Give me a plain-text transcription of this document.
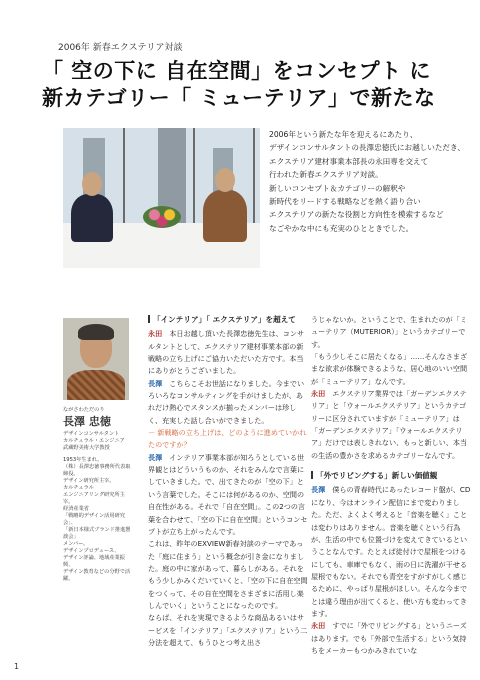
2006年 新春エクステリア対談
「 空の下に 自在空間」をコンセプト に
新カテゴリー「 ミューテリア」で新たな
2006年という新たな年を迎えるにあたり、
デザインコンサルタントの長澤忠徳氏にお越しいただき、
エクステリア建材事業本部長の永田専を交えて
行われた新春エクステリア対談。
新しいコンセプト＆カテゴリーの解釈や
新時代をリードする戦略などを熱く語り合い
エクステリアの新たな役割と方向性を模索するなど
なごやかな中にも充実のひとときでした。
ながさわただのり
長澤 忠徳
デザインコンサルタント
カルチュラル・エンジニア
武蔵野美術大学教授
1953年生まれ。
（株）長澤忠徳事務所代表取締役。
デザイン研究所主宰。
カルチュラル
エンジニアリング研究所主宰。
経済産業省
「戦略的デザイン活用研究会」、
「新日本様式ブランド推進懇談会」
メンバー。
デザインプロデュース、
デザイン評論、地域産業振興、
デザイン教育などの分野で活躍。
「インテリア」「 エクステリア」を超えて

永田　 本日お越し頂いた長澤忠徳先生は、コンサルタントとして、エクステリア建材事業本部の新戦略の立ち上げにご協力いただいた方です。本当にありがとうございました。

長澤　 こちらこそお世話になりました。今までいろいろなコンサルティングを手がけましたが、あれだけ熱心でスタンスが揃ったメンバーは珍しく、充実した話し合いができました。

－ 新戦略の立ち上げは、どのように進めていかれたのですか？

長澤　 インテリア事業本部が知ろうとしている世界観とはどういうものか、それをみんなで言葉にしていきました。で、出てきたのが「空の下」という言葉でした。そこには何があるのか、空間の自在性がある。それで「自在空間」。この2つの言葉を合わせて、「空の下に自在空間」というコンセプトが立ち上がったんです。

これは、昨年のEXVIEW新春対談のテーマであった「庭に住まう」という概念が引き金になりました。庭の中に家があって、暮らしがある。それをもう少しかみくだいていくと、「空の下に自在空間をつくって、その自在空間をさまざまに活用し楽しんでいく」ということになったのです。

ならば、それを実現できるような商品あるいはサービスを「インテリア」「エクステリア」という二分法を超えて、もうひとつ考え出さ

うじゃないか。ということで、生まれたのが「ミューテリア（MUTERIOR）」というカテゴリーです。

「もう少しそこに居たくなる」……そんなさまざまな欲求が体験できるような、居心地のいい空間が「ミューテリア」なんです。

永田　 エクステリア業界では「ガーデンエクステリア」と「ウォールエクステリア」というカテゴリーに区分されていますが「ミューテリア」は「ガーデンエクステリア」「ウォールエクステリア」だけでは表しきれない、もっと新しい、本当の生活の豊かさを求めるカテゴリーなんです。

「外でリビングする」新しい価値観

長澤　 僕らの青春時代にあったレコード盤が、CDになり、今はオンライン配信にまで変わりました。ただ、よくよく考えると「音楽を聴く」ことは変わりはありません。音楽を聴くという行為が、生活の中でも位置づけを変えてきているということなんです。たとえば徒付けで屋根をつけるにしても、車庫でもなく、雨の日に洗濯が干せる屋根でもない。それでも青空をすがすがしく感じるために、やっぱり屋根がほしい。そんな今までとは違う理由が出てくると、使い方も変わってきます。

永田　 すでに「外でリビングする」というニーズはあります。でも「外部で生活する」という気持ちをメーカーもつかみきれていな

1
